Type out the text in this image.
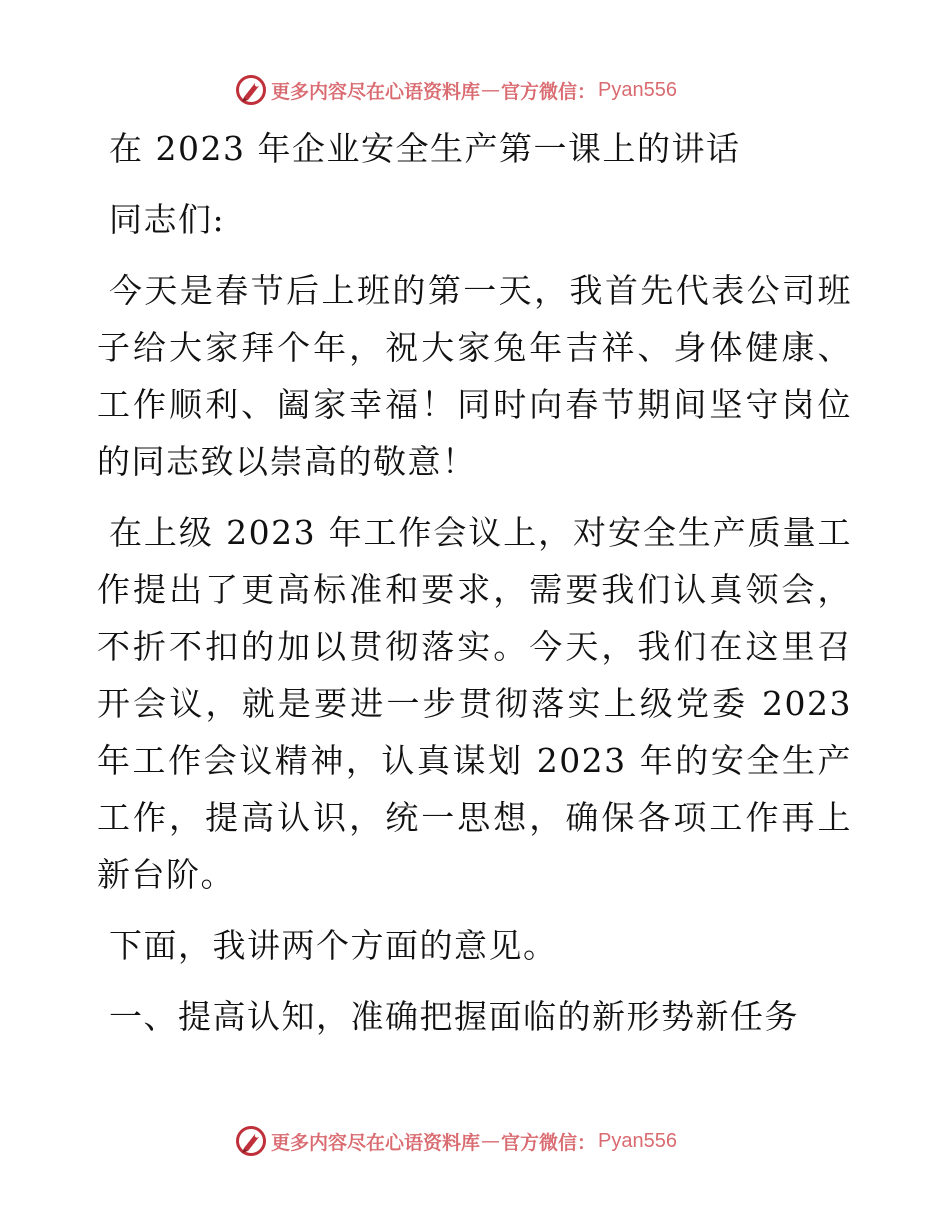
更多内容尽在心语资料库 — 官方微信： Pyan556

在 2023 年企业安全生产第一课上的讲话

同志们:

今天是春节后上班的第一天，我首先代表公司班子给大家拜个年，祝大家兔年吉祥、身体健康、工作顺利、阖家幸福！同时向春节期间坚守岗位的同志致以崇高的敬意！

在上级 2023 年工作会议上，对安全生产质量工作提出了更高标准和要求，需要我们认真领会，不折不扣的加以贯彻落实。今天，我们在这里召开会议，就是要进一步贯彻落实上级党委 2023 年工作会议精神，认真谋划 2023 年的安全生产工作，提高认识，统一思想，确保各项工作再上新台阶。

下面，我讲两个方面的意见。

一、提高认知，准确把握面临的新形势新任务

更多内容尽在心语资料库 — 官方微信： Pyan556
